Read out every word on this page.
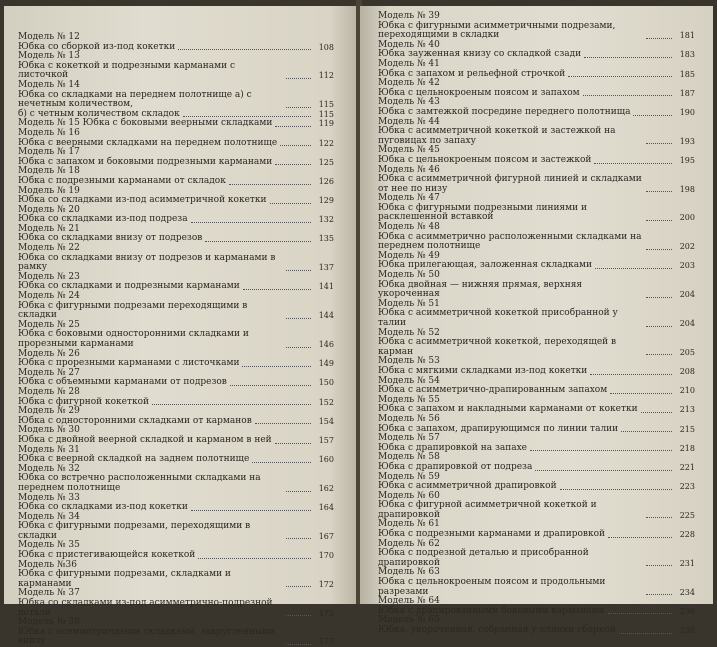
Модель № 12
Юбка со сборкой из-под кокетки	108
Модель № 13
Юбка с кокеткой и подрезными карманами с листочкой	112
Модель № 14
Юбка со складками на переднем полотнище а) с нечетным количеством,	115
б) с четным количеством складок	115
Модель № 15 Юбка с боковыми веерными складками	119
Модель № 16
Юбка с веерными складками на переднем полотнище	122
Модель № 17
Юбка с запахом и боковыми подрезными карманами	125
Модель № 18
Юбка с подрезными карманами от складок	126
Модель № 19
Юбка со складками из-под асимметричной кокетки	129
Модель № 20
Юбка со складками из-под подреза	132
Модель № 21
Юбка со складками внизу от подрезов	135
Модель № 22
Юбка со складками внизу от подрезов и карманами в рамку	137
Модель № 23
Юбка со складками и подрезными карманами	141
Модель № 24
Юбка с фигурными подрезами переходящими в складки	144
Модель № 25
Юбка с боковыми односторонними складками и прорезными карманами	146
Модель № 26
Юбка с прорезными карманами с листочками	149
Модель № 27
Юбка с объемными карманами от подрезов	150
Модель № 28
Юбка с фигурной кокеткой	152
Модель № 29
Юбка с односторонними складками от карманов	154
Модель № 30
Юбка с двойной веерной складкой и карманом в ней	157
Модель № 31
Юбка с веерной складкой на заднем полотнище	160
Модель № 32
Юбка со встречно расположенными складками на переднем полотнище	162
Модель № 33
Юбка со складками из-под кокетки	164
Модель № 34
Юбка с фигурными подрезами, переходящими в складки	167
Модель № 35
Юбка с пристегивающейся кокеткой	170
Модель №36
Юбка с фигурными подрезами, складками и карманами	172
Модель № 37
Юбка со складками из-под асимметрично-подрезной детали	175
Модель № 38
Юбка с асимметричными складками, закругленными внизу	177
Модель № 39
Юбка с фигурными асимметричными подрезами, переходящими в складки	181
Модель № 40
Юбка зауженная книзу со складкой сзади	183
Модель № 41
Юбка с запахом и рельефной строчкой	185
Модель № 42
Юбка с цельнокроеным поясом и запахом	187
Модель № 43
Юбка с замтежкой посредине переднего полотнища	190
Модель № 44
Юбка с асимметричной кокеткой и застежкой на пуговицах по запаху	193
Модель № 45
Юбка с цельнокроеным поясом и застежкой	195
Модель № 46
Юбка с асимметричной фигурной линией и складками от нее по низу	198
Модель № 47
Юбка с фигурными подрезными линиями и расклешенной вставкой	200
Модель № 48
Юбка с асимметрично расположенными складками на переднем полотнище	202
Модель № 49
Юбка прилегающая, заложенная складками	203
Модель № 50
Юбка двойная — нижняя прямая, верхняя укороченная	204
Модель № 51
Юбка с асимметричной кокеткой присобранной у талии	204
Модель № 52
Юбка с асимметричной кокеткой, переходящей в карман	205
Модель № 53
Юбка с мягкими складками из-под кокетки	208
Модель № 54
Юбка с асимметрично-драпированным запахом	210
Модель № 55
Юбка с запахом и накладными карманами от кокетки	213
Модель № 56
Юбка с запахом, драпирующимся по линии талии	215
Модель № 57
Юбка с драпировкой на запахе	218
Модель № 58
Юбка с драпировкой от подреза	221
Модель № 59
Юбка с асимметричной драпировкой	223
Модель № 60
Юбка с фигурной асимметричной кокеткой и драпировкой	225
Модель № 61
Юбка с подрезными карманами и драпировкой	228
Модель № 62
Юбка с подрезной деталью и присобранной драпировкой	231
Модель № 63
Юбка с цельнокроеным поясом и продольными разрезами	234
Модель № 64
Юбка с драпированными боковыми карманами	236
Модель № 65
Юбка, укороченная, собранная у планки сборкой	238
